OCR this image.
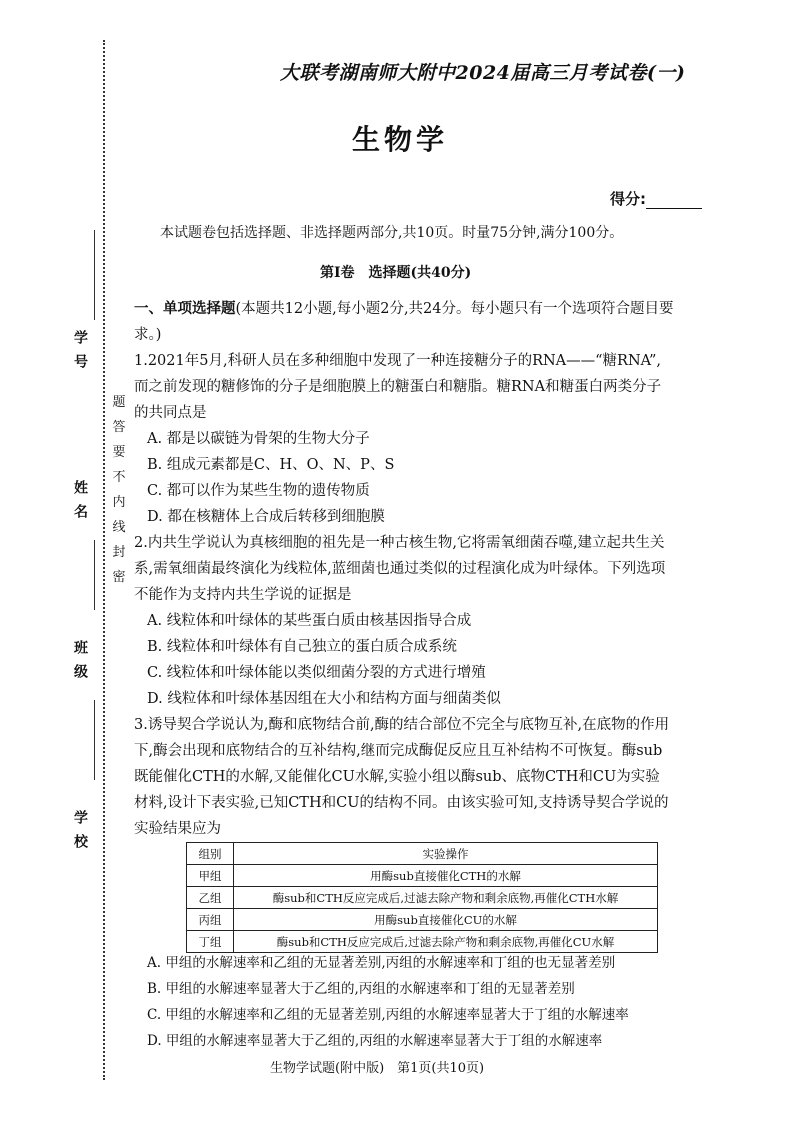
题
答
要
不
内
线
封
密
学号
姓名
班级
学校
大联考湖南师大附中2024届高三月考试卷(一)
生物学
得分:
本试题卷包括选择题、非选择题两部分,共10页。时量75分钟,满分100分。
第Ⅰ卷　选择题(共40分)

一、单项选择题(本题共12小题,每小题2分,共24分。每小题只有一个选项符合题目要求。)

1.2021年5月,科研人员在多种细胞中发现了一种连接糖分子的RNA——“糖RNA”,而之前发现的糖修饰的分子是细胞膜上的糖蛋白和糖脂。糖RNA和糖蛋白两类分子的共同点是

A. 都是以碳链为骨架的生物大分子

B. 组成元素都是C、H、O、N、P、S

C. 都可以作为某些生物的遗传物质

D. 都在核糖体上合成后转移到细胞膜

2.内共生学说认为真核细胞的祖先是一种古核生物,它将需氧细菌吞噬,建立起共生关系,需氧细菌最终演化为线粒体,蓝细菌也通过类似的过程演化成为叶绿体。下列选项不能作为支持内共生学说的证据是

A. 线粒体和叶绿体的某些蛋白质由核基因指导合成

B. 线粒体和叶绿体有自己独立的蛋白质合成系统

C. 线粒体和叶绿体能以类似细菌分裂的方式进行增殖

D. 线粒体和叶绿体基因组在大小和结构方面与细菌类似

3.诱导契合学说认为,酶和底物结合前,酶的结合部位不完全与底物互补,在底物的作用下,酶会出现和底物结合的互补结构,继而完成酶促反应且互补结构不可恢复。酶sub既能催化CTH的水解,又能催化CU水解,实验小组以酶sub、底物CTH和CU为实验材料,设计下表实验,已知CTH和CU的结构不同。由该实验可知,支持诱导契合学说的实验结果应为

组别	实验操作
甲组	用酶sub直接催化CTH的水解
乙组	酶sub和CTH反应完成后,过滤去除产物和剩余底物,再催化CTH水解
丙组	用酶sub直接催化CU的水解
丁组	酶sub和CTH反应完成后,过滤去除产物和剩余底物,再催化CU水解

A. 甲组的水解速率和乙组的无显著差别,丙组的水解速率和丁组的也无显著差别

B. 甲组的水解速率显著大于乙组的,丙组的水解速率和丁组的无显著差别

C. 甲组的水解速率和乙组的无显著差别,丙组的水解速率显著大于丁组的水解速率

D. 甲组的水解速率显著大于乙组的,丙组的水解速率显著大于丁组的水解速率

生物学试题(附中版)　第1页(共10页)
